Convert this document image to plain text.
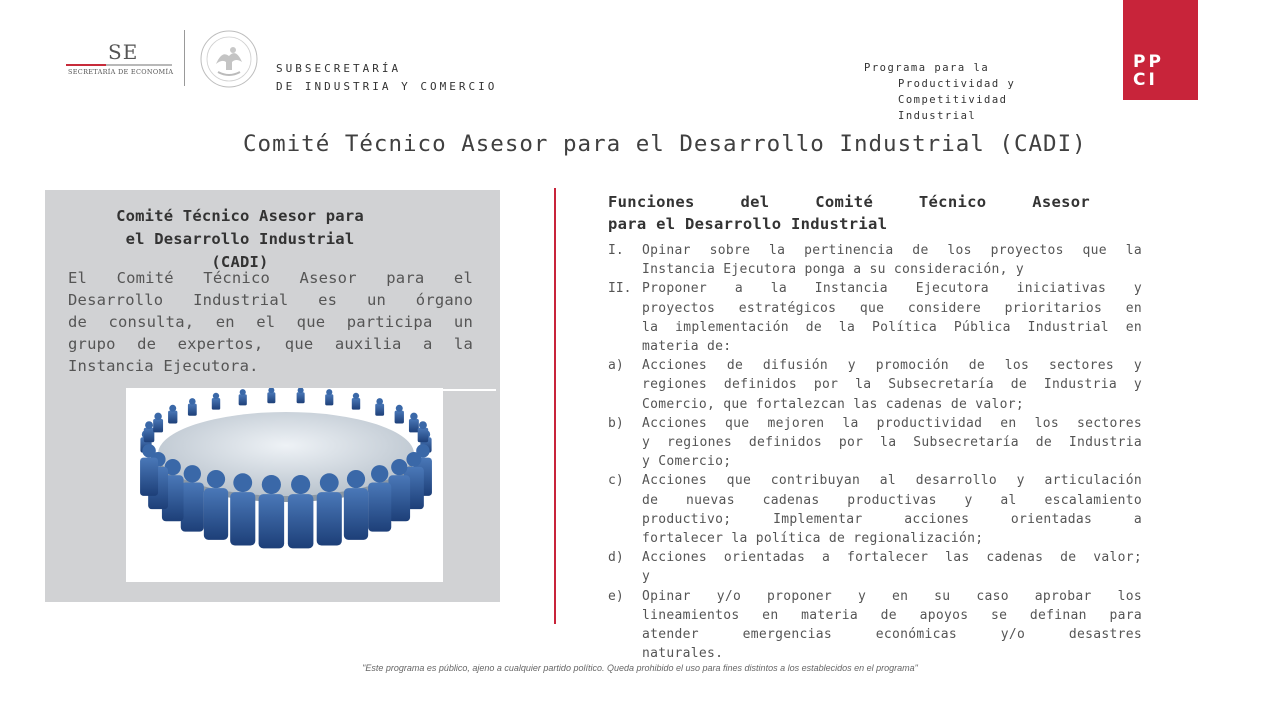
SE
SECRETARÍA DE ECONOMÍA	SUBSECRETARÍA
DE INDUSTRIA Y COMERCIO
Programa para la
Productividad y
Competitividad
Industrial
PP
CI
Comité Técnico Asesor para el Desarrollo Industrial (CADI)
Comité Técnico Asesor para
el Desarrollo Industrial
(CADI)
El Comité Técnico Asesor para el
Desarrollo Industrial es un órgano
de consulta, en el que participa un
grupo de expertos, que auxilia a la
Instancia Ejecutora.
Funciones del Comité Técnico Asesor
para el Desarrollo Industrial
I. Opinar sobre la pertinencia de los proyectos que la
Instancia Ejecutora ponga a su consideración, y
II. Proponer a la Instancia Ejecutora iniciativas y
proyectos estratégicos que considere prioritarios en
la implementación de la Política Pública Industrial en
materia de:
a) Acciones de difusión y promoción de los sectores y
regiones definidos por la Subsecretaría de Industria y
Comercio, que fortalezcan las cadenas de valor;
b) Acciones que mejoren la productividad en los sectores
y regiones definidos por la Subsecretaría de Industria
y Comercio;
c) Acciones que contribuyan al desarrollo y articulación
de nuevas cadenas productivas y al escalamiento
productivo; Implementar acciones orientadas a
fortalecer la política de regionalización;
d) Acciones orientadas a fortalecer las cadenas de valor;
y
e) Opinar y/o proponer y en su caso aprobar los
lineamientos en materia de apoyos se definan para
atender emergencias económicas y/o desastres
naturales.
"Este programa es público, ajeno a cualquier partido político. Queda prohibido el uso para fines distintos a los establecidos en el programa"
